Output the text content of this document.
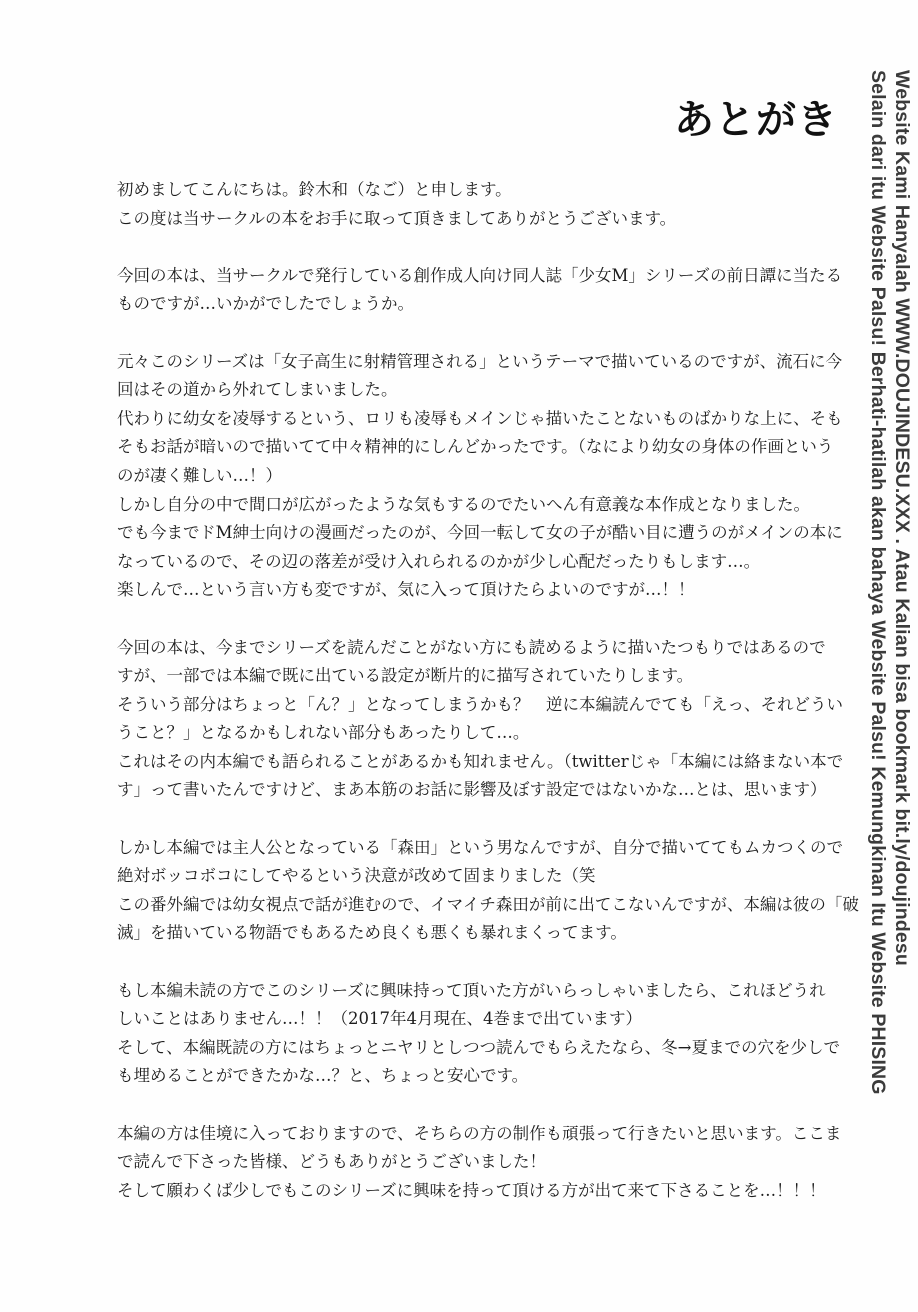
あとがき

初めましてこんにちは。鈴木和（なご）と申します。
この度は当サークルの本をお手に取って頂きましてありがとうございます。

今回の本は、当サークルで発行している創作成人向け同人誌「少女M」シリーズの前日譚に当たる
ものですが…いかがでしたでしょうか。

元々このシリーズは「女子高生に射精管理される」というテーマで描いているのですが、流石に今
回はその道から外れてしまいました。
代わりに幼女を凌辱するという、ロリも凌辱もメインじゃ描いたことないものばかりな上に、そも
そもお話が暗いので描いてて中々精神的にしんどかったです。（なにより幼女の身体の作画という
のが凄く難しい…！）
しかし自分の中で間口が広がったような気もするのでたいへん有意義な本作成となりました。
でも今までドM紳士向けの漫画だったのが、今回一転して女の子が酷い目に遭うのがメインの本に
なっているので、その辺の落差が受け入れられるのかが少し心配だったりもします…。
楽しんで…という言い方も変ですが、気に入って頂けたらよいのですが…！！

今回の本は、今までシリーズを読んだことがない方にも読めるように描いたつもりではあるので
すが、一部では本編で既に出ている設定が断片的に描写されていたりします。
そういう部分はちょっと「ん？」となってしまうかも？　逆に本編読んでても「えっ、それどうい
うこと？」となるかもしれない部分もあったりして…。
これはその内本編でも語られることがあるかも知れません。（twitterじゃ「本編には絡まない本で
す」って書いたんですけど、まあ本筋のお話に影響及ぼす設定ではないかな…とは、思います）

しかし本編では主人公となっている「森田」という男なんですが、自分で描いててもムカつくので
絶対ボッコボコにしてやるという決意が改めて固まりました（笑
この番外編では幼女視点で話が進むので、イマイチ森田が前に出てこないんですが、本編は彼の「破
滅」を描いている物語でもあるため良くも悪くも暴れまくってます。

もし本編未読の方でこのシリーズに興味持って頂いた方がいらっしゃいましたら、これほどうれ
しいことはありません…！！（2017年4月現在、4巻まで出ています）
そして、本編既読の方にはちょっとニヤリとしつつ読んでもらえたなら、冬→夏までの穴を少しで
も埋めることができたかな…？と、ちょっと安心です。

本編の方は佳境に入っておりますので、そちらの方の制作も頑張って行きたいと思います。ここま
で読んで下さった皆様、どうもありがとうございました！
そして願わくば少しでもこのシリーズに興味を持って頂ける方が出て来て下さることを…！！！

Website Kami Hanyalah WWW.DOUJINDESU.XXX . Atau Kalian bisa bookmark bit.ly/doujindesu
Selain dari itu Website Palsu! Berhati-hatilah akan bahaya Website Palsu! Kemungkinan Itu Website PHISING
